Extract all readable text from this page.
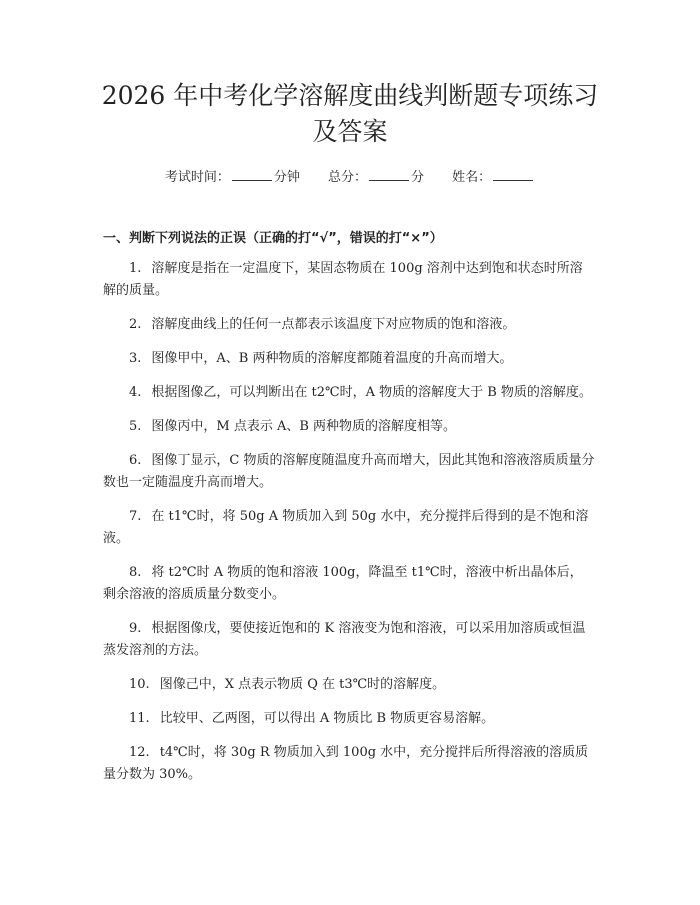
2026 年中考化学溶解度曲线判断题专项练习
及答案
考试时间：	分钟 总分：	分 姓名：
一、判断下列说法的正误（正确的打“√”，错误的打“×”）
1. 溶解度是指在一定温度下，某固态物质在 100g 溶剂中达到饱和状态时所溶解的质量。
2. 溶解度曲线上的任何一点都表示该温度下对应物质的饱和溶液。
3. 图像甲中，A、B 两种物质的溶解度都随着温度的升高而增大。
4. 根据图像乙，可以判断出在 t2℃时，A 物质的溶解度大于 B 物质的溶解度。
5. 图像丙中，M 点表示 A、B 两种物质的溶解度相等。
6. 图像丁显示，C 物质的溶解度随温度升高而增大，因此其饱和溶液溶质质量分数也一定随温度升高而增大。
7. 在 t1℃时，将 50g A 物质加入到 50g 水中，充分搅拌后得到的是不饱和溶液。
8. 将 t2℃时 A 物质的饱和溶液 100g，降温至 t1℃时，溶液中析出晶体后，剩余溶液的溶质质量分数变小。
9. 根据图像戊，要使接近饱和的 K 溶液变为饱和溶液，可以采用加溶质或恒温蒸发溶剂的方法。
10. 图像己中，X 点表示物质 Q 在 t3℃时的溶解度。
11. 比较甲、乙两图，可以得出 A 物质比 B 物质更容易溶解。
12. t4℃时，将 30g R 物质加入到 100g 水中，充分搅拌后所得溶液的溶质质量分数为 30%。
